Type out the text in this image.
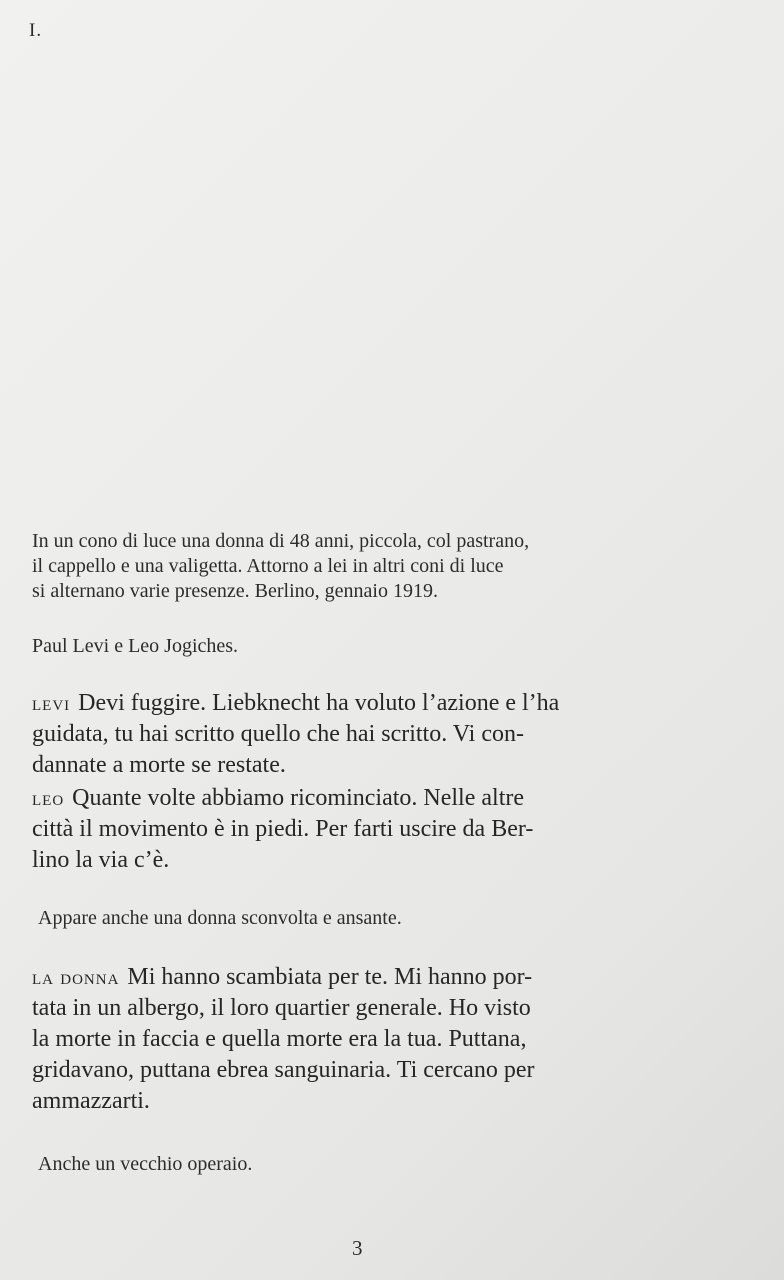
I.
In un cono di luce una donna di 48 anni, piccola, col pastrano,
il cappello e una valigetta. Attorno a lei in altri coni di luce
si alternano varie presenze. Berlino, gennaio 1919.
Paul Levi e Leo Jogiches.
levi Devi fuggire. Liebknecht ha voluto l’azione e l’ha
guidata, tu hai scritto quello che hai scritto. Vi con-
dannate a morte se restate.
leo Quante volte abbiamo ricominciato. Nelle altre
città il movimento è in piedi. Per farti uscire da Ber-
lino la via c’è.
Appare anche una donna sconvolta e ansante.
la donna Mi hanno scambiata per te. Mi hanno por-
tata in un albergo, il loro quartier generale. Ho visto
la morte in faccia e quella morte era la tua. Puttana,
gridavano, puttana ebrea sanguinaria. Ti cercano per
ammazzarti.
Anche un vecchio operaio.
3
